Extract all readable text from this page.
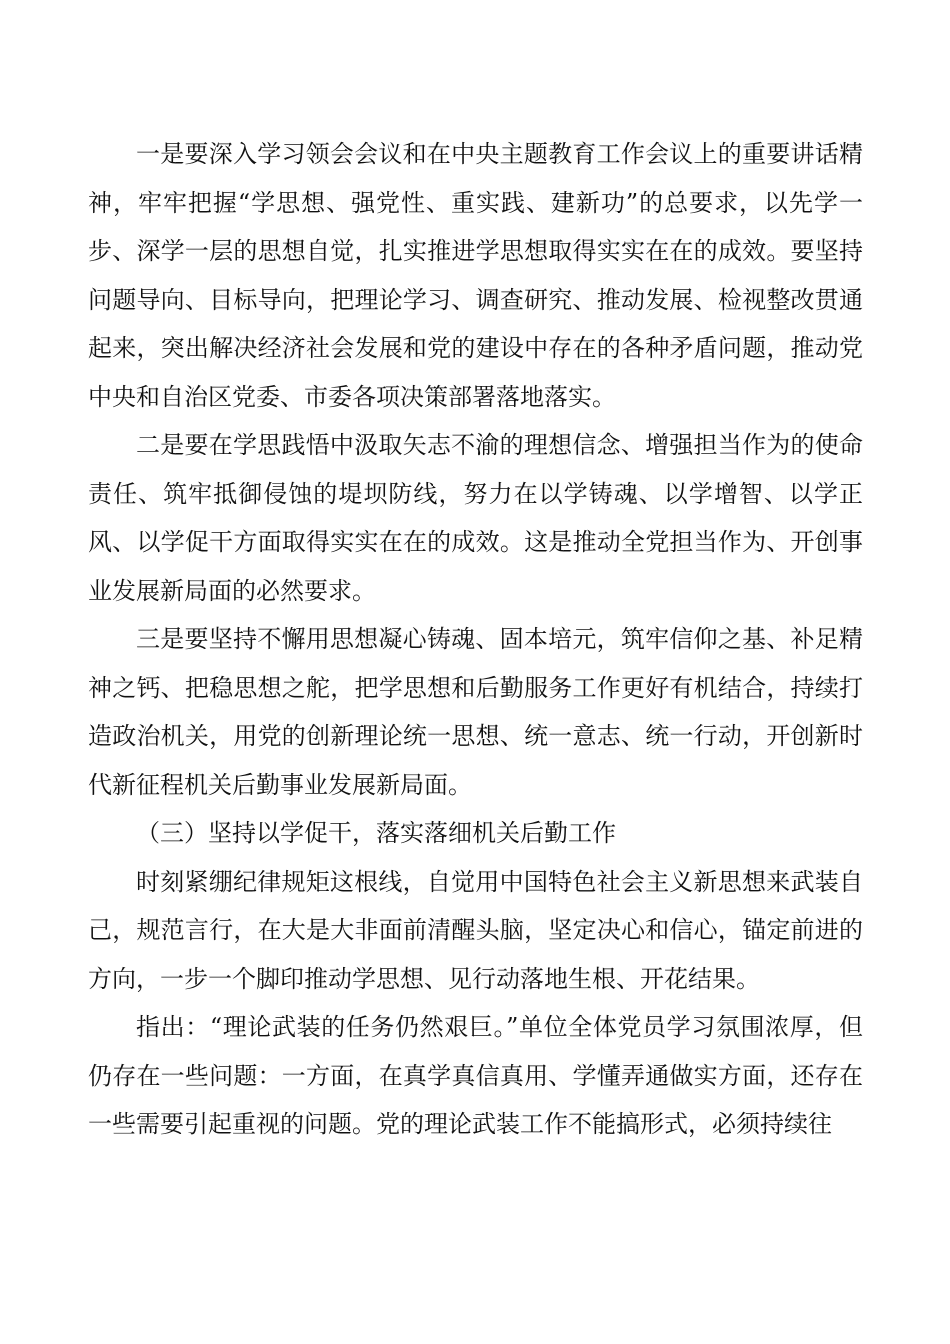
一是要深入学习领会会议和在中央主题教育工作会议上的重要讲话精神，牢牢把握“学思想、强党性、重实践、建新功”的总要求，以先学一步、深学一层的思想自觉，扎实推进学思想取得实实在在的成效。要坚持问题导向、目标导向，把理论学习、调查研究、推动发展、检视整改贯通起来，突出解决经济社会发展和党的建设中存在的各种矛盾问题，推动党中央和自治区党委、市委各项决策部署落地落实。

二是要在学思践悟中汲取矢志不渝的理想信念、增强担当作为的使命责任、筑牢抵御侵蚀的堤坝防线，努力在以学铸魂、以学增智、以学正风、以学促干方面取得实实在在的成效。这是推动全党担当作为、开创事业发展新局面的必然要求。

三是要坚持不懈用思想凝心铸魂、固本培元，筑牢信仰之基、补足精神之钙、把稳思想之舵，把学思想和后勤服务工作更好有机结合，持续打造政治机关，用党的创新理论统一思想、统一意志、统一行动，开创新时代新征程机关后勤事业发展新局面。

（三）坚持以学促干，落实落细机关后勤工作

时刻紧绷纪律规矩这根线，自觉用中国特色社会主义新思想来武装自己，规范言行，在大是大非面前清醒头脑，坚定决心和信心，锚定前进的方向，一步一个脚印推动学思想、见行动落地生根、开花结果。

指出：“理论武装的任务仍然艰巨。”单位全体党员学习氛围浓厚，但仍存在一些问题：一方面，在真学真信真用、学懂弄通做实方面，还存在一些需要引起重视的问题。党的理论武装工作不能搞形式，必须持续往
